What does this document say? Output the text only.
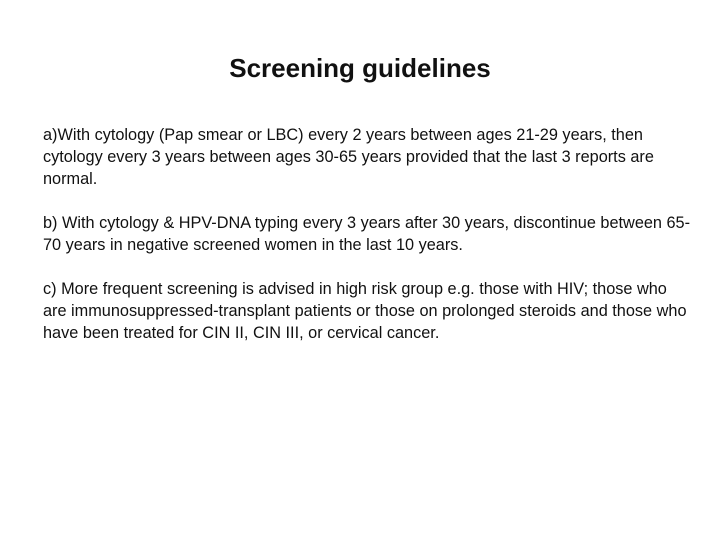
Screening guidelines

a)With cytology (Pap smear or LBC) every 2 years between ages 21-29 years, then cytology every 3 years between ages 30-65 years provided that the last 3 reports are normal.

b) With cytology & HPV-DNA typing every 3 years after 30 years, discontinue between 65-70 years in negative screened women in the last 10 years.

c) More frequent screening is advised in high risk group e.g. those with HIV; those who are immunosuppressed-transplant patients or those on prolonged steroids and those who have been treated for CIN II, CIN III, or cervical cancer.
